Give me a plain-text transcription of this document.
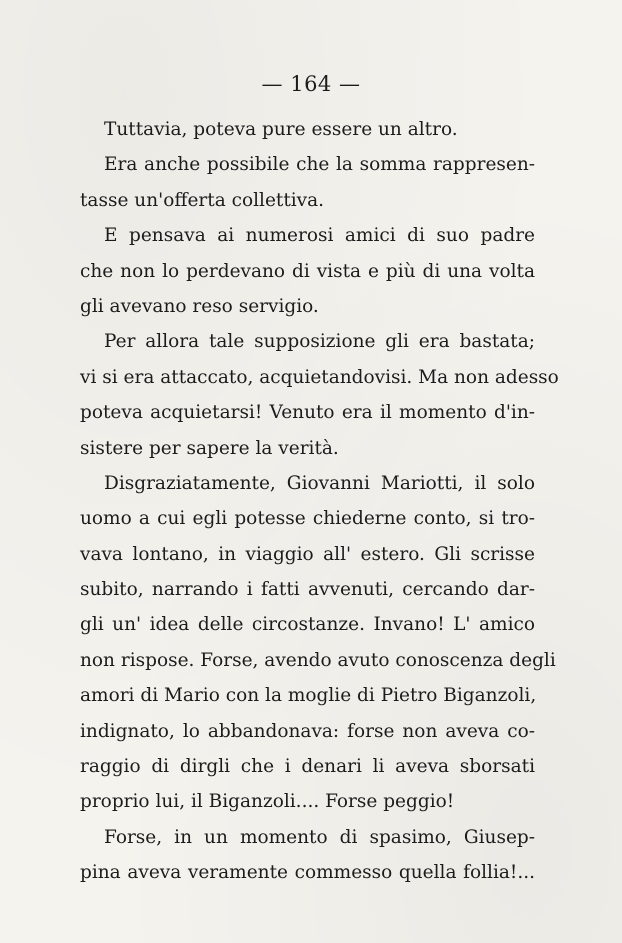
— 164 —
Tuttavia, poteva pure essere un altro.
Era anche possibile che la somma rappresen-
tasse un'offerta collettiva.
E pensava ai numerosi amici di suo padre
che non lo perdevano di vista e più di una volta
gli avevano reso servigio.
Per allora tale supposizione gli era bastata;
vi si era attaccato, acquietandovisi. Ma non adesso
poteva acquietarsi! Venuto era il momento d'in-
sistere per sapere la verità.
Disgraziatamente, Giovanni Mariotti, il solo
uomo a cui egli potesse chiederne conto, si tro-
vava lontano, in viaggio all' estero. Gli scrisse
subito, narrando i fatti avvenuti, cercando dar-
gli un' idea delle circostanze. Invano! L' amico
non rispose. Forse, avendo avuto conoscenza degli
amori di Mario con la moglie di Pietro Biganzoli,
indignato, lo abbandonava: forse non aveva co-
raggio di dirgli che i denari li aveva sborsati
proprio lui, il Biganzoli.... Forse peggio!
Forse, in un momento di spasimo, Giusep-
pina aveva veramente commesso quella follia!...
